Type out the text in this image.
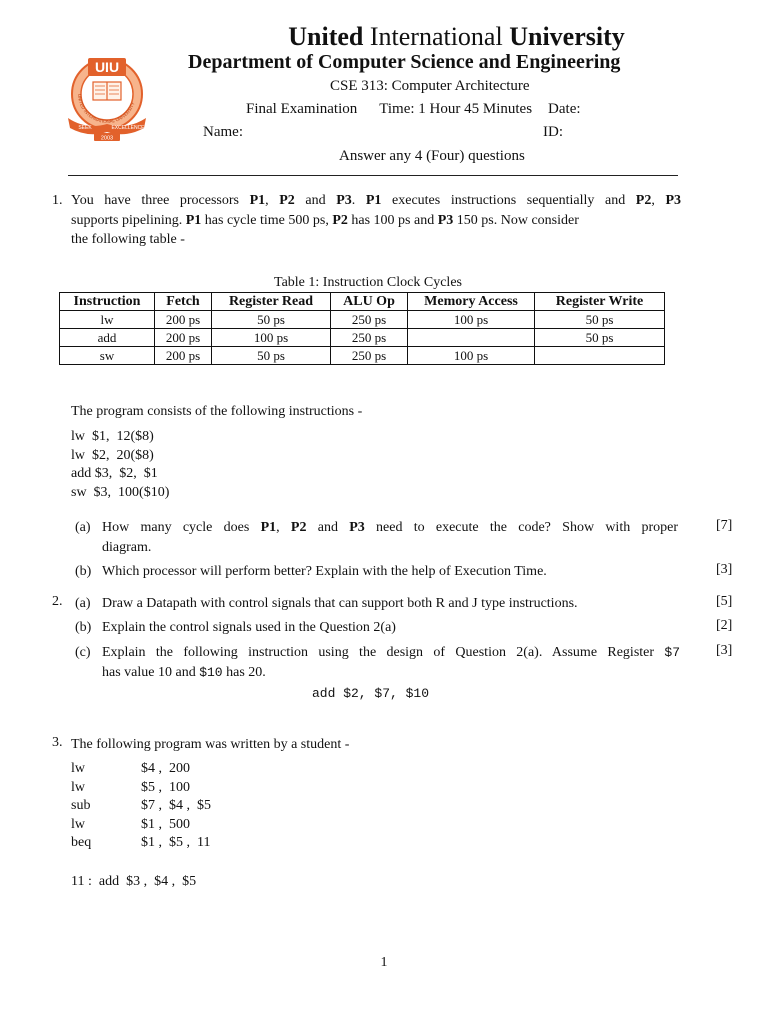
UIU
UNITED INTERNATIONAL UNIVERSITY
SEEK	EXCELLENCE
2003
United International University
Department of Computer Science and Engineering
CSE 313: Computer Architecture
Final Examination Time: 1 Hour 45 Minutes Date:
Name:	ID:
Answer any 4 (Four) questions
1. You have three processors P1, P2 and P3. P1 executes instructions sequentially and P2, P3
supports pipelining. P1 has cycle time 500 ps, P2 has 100 ps and P3 150 ps. Now consider
the following table -
Table 1: Instruction Clock Cycles
Instruction	Fetch	Register Read	ALU Op	Memory Access	Register Write
lw	200 ps	50 ps	250 ps	100 ps	50 ps
add	200 ps	100 ps	250 ps		50 ps
sw	200 ps	50 ps	250 ps	100 ps	
The program consists of the following instructions -
lw  $1,  12($8)
lw  $2,  20($8)
add $3,  $2,  $1
sw  $3,  100($10)
(a) How many cycle does P1, P2 and P3 need to execute the code? Show with proper
diagram.
[7]
(b) Which processor will perform better? Explain with the help of Execution Time.	[3]
2. (a) Draw a Datapath with control signals that can support both R and J type instructions.	[5]
(b) Explain the control signals used in the Question 2(a)	[2]
(c) Explain the following instruction using the design of Question 2(a). Assume Register $7
has value 10 and $10 has 20.
[3]
add $2, $7, $10
3. The following program was written by a student -
lw	$4 ,  200
lw	$5 ,  100
sub	$7 ,  $4 ,  $5
lw	$1 ,  500
beq	$1 ,  $5 ,  11
11 :  add  $3 ,  $4 ,  $5
1
